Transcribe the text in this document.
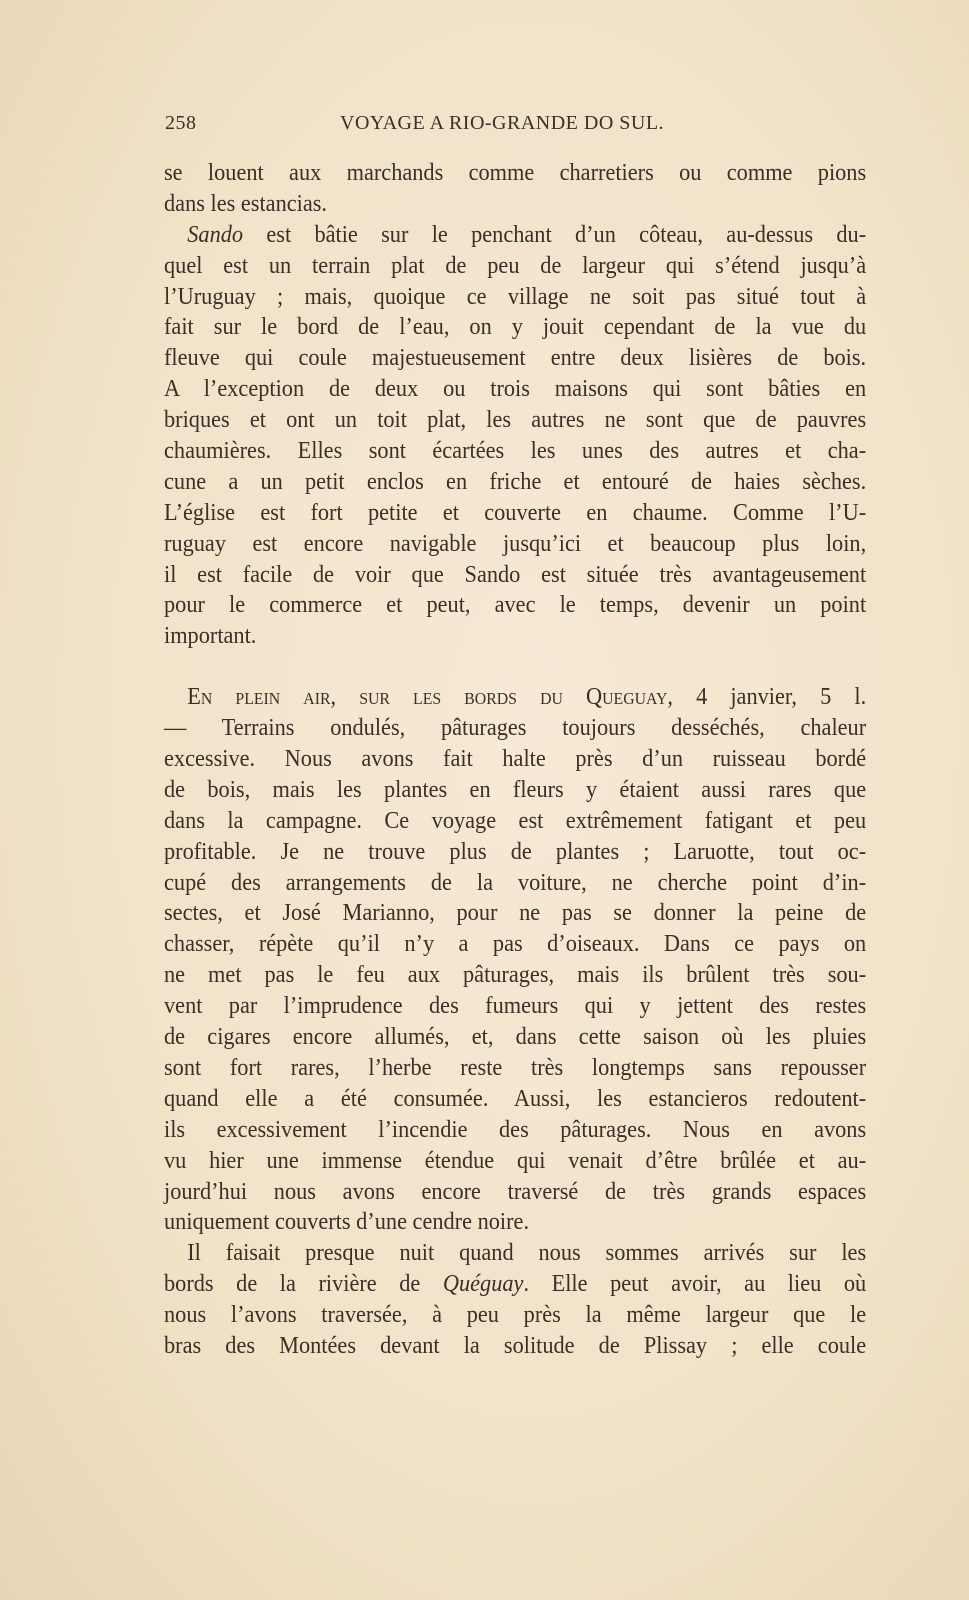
258	VOYAGE A RIO-GRANDE DO SUL.
se louent aux marchands comme charretiers ou comme pions
dans les estancias.
Sando est bâtie sur le penchant d’un côteau, au-dessus du-
quel est un terrain plat de peu de largeur qui s’étend jusqu’à
l’Uruguay ; mais, quoique ce village ne soit pas situé tout à
fait sur le bord de l’eau, on y jouit cependant de la vue du
fleuve qui coule majestueusement entre deux lisières de bois.
A l’exception de deux ou trois maisons qui sont bâties en
briques et ont un toit plat, les autres ne sont que de pauvres
chaumières. Elles sont écartées les unes des autres et cha-
cune a un petit enclos en friche et entouré de haies sèches.
L’église est fort petite et couverte en chaume. Comme l’U-
ruguay est encore navigable jusqu’ici et beaucoup plus loin,
il est facile de voir que Sando est située très avantageusement
pour le commerce et peut, avec le temps, devenir un point
important.
En plein air, sur les bords du Queguay, 4 janvier, 5 l.
— Terrains ondulés, pâturages toujours desséchés, chaleur
excessive. Nous avons fait halte près d’un ruisseau bordé
de bois, mais les plantes en fleurs y étaient aussi rares que
dans la campagne. Ce voyage est extrêmement fatigant et peu
profitable. Je ne trouve plus de plantes ; Laruotte, tout oc-
cupé des arrangements de la voiture, ne cherche point d’in-
sectes, et José Marianno, pour ne pas se donner la peine de
chasser, répète qu’il n’y a pas d’oiseaux. Dans ce pays on
ne met pas le feu aux pâturages, mais ils brûlent très sou-
vent par l’imprudence des fumeurs qui y jettent des restes
de cigares encore allumés, et, dans cette saison où les pluies
sont fort rares, l’herbe reste très longtemps sans repousser
quand elle a été consumée. Aussi, les estancieros redoutent-
ils excessivement l’incendie des pâturages. Nous en avons
vu hier une immense étendue qui venait d’être brûlée et au-
jourd’hui nous avons encore traversé de très grands espaces
uniquement couverts d’une cendre noire.
Il faisait presque nuit quand nous sommes arrivés sur les
bords de la rivière de Quéguay. Elle peut avoir, au lieu où
nous l’avons traversée, à peu près la même largeur que le
bras des Montées devant la solitude de Plissay ; elle coule
